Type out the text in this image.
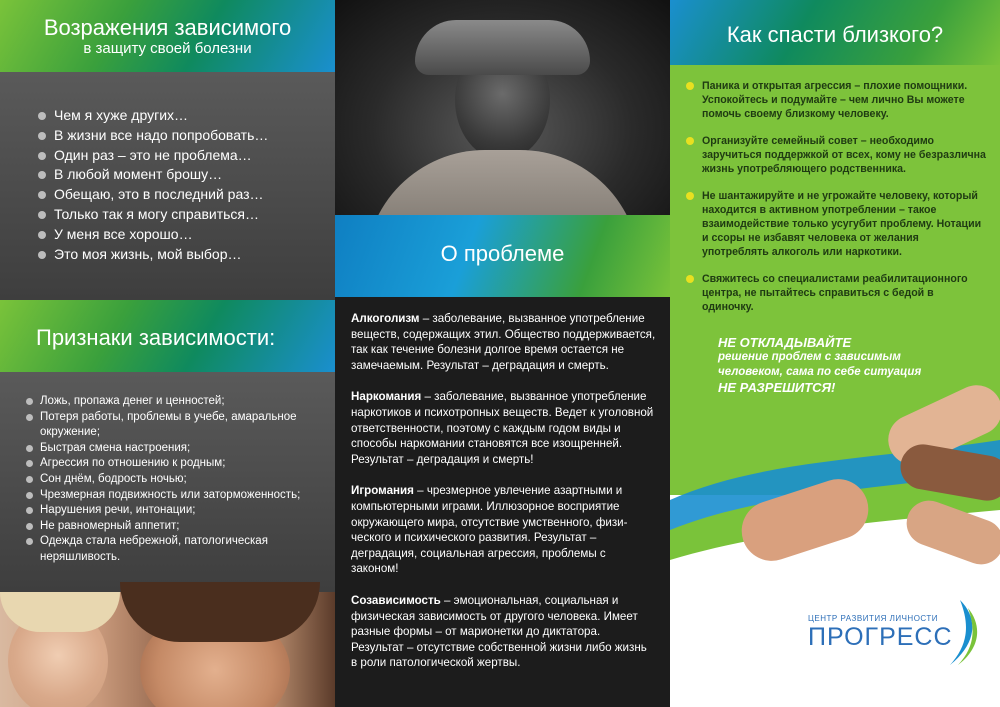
Возражения зависимого
в защиту своей болезни
Чем я хуже других…
В жизни все надо попробовать…
Один раз – это не проблема…
В любой момент брошу…
Обещаю, это в последний раз…
Только так я могу справиться…
У меня все хорошо…
Это моя жизнь, мой выбор…
Признаки зависимости:
Ложь, пропажа денег и ценностей;
Потеря работы, проблемы в учебе, амаральное окружение;
Быстрая смена настроения;
Агрессия по отношению к родным;
Сон днём, бодрость ночью;
Чрезмерная подвижность или заторможенность;
Нарушения речи, интонации;
Не равномерный аппетит;
Одежда стала небрежной, патологическая неряшливость.
О проблеме

Алкоголизм – заболевание, вызванное употребление веществ, содержащих этил. Общество поддерживается, так как течение болезни долгое время остается не замечаемым. Результат – деградация и смерть.

Наркомания – заболевание, вызванное употребление наркотиков и психотропных веществ. Ведет к уголовной ответственности, поэтому с каждым годом виды и способы наркомании становятся все изощренней. Результат – деградация и смерть!

Игромания – чрезмерное увлечение азартными и компьютерными играми. Иллюзорное восприятие окружающего мира, отсутствие умственного, физического и психического развития. Результат – деградация, социальная агрессия, проблемы с законом!

Созависимость – эмоциональная, социальная и физическая зависимость от другого человека. Имеет разные формы – от марионетки до диктатора. Результат – отсутствие собственной жизни либо жизнь в роли патологической жертвы.

Как спасти близкого?
Паника и открытая агрессия – плохие помощники. Успокойтесь и подумайте – чем лично Вы можете помочь своему близкому человеку.
Организуйте семейный совет – необходимо заручиться поддержкой от всех, кому не безразлична жизнь употребляющего родственника.
Не шантажируйте и не угрожайте человеку, который находится в активном употреблении – такое взаимодействие только усугубит проблему. Нотации и ссоры не избавят человека от желания употреблять алкоголь или наркотики.
Свяжитесь со специалистами реабилитационного центра, не пытайтесь справиться с бедой в одиночку.
НЕ ОТКЛАДЫВАЙТЕ
решение проблем с зависимым
человеком, сама по себе ситуация
НЕ РАЗРЕШИТСЯ!
ЦЕНТР РАЗВИТИЯ ЛИЧНОСТИ
ПРОГРЕСС
